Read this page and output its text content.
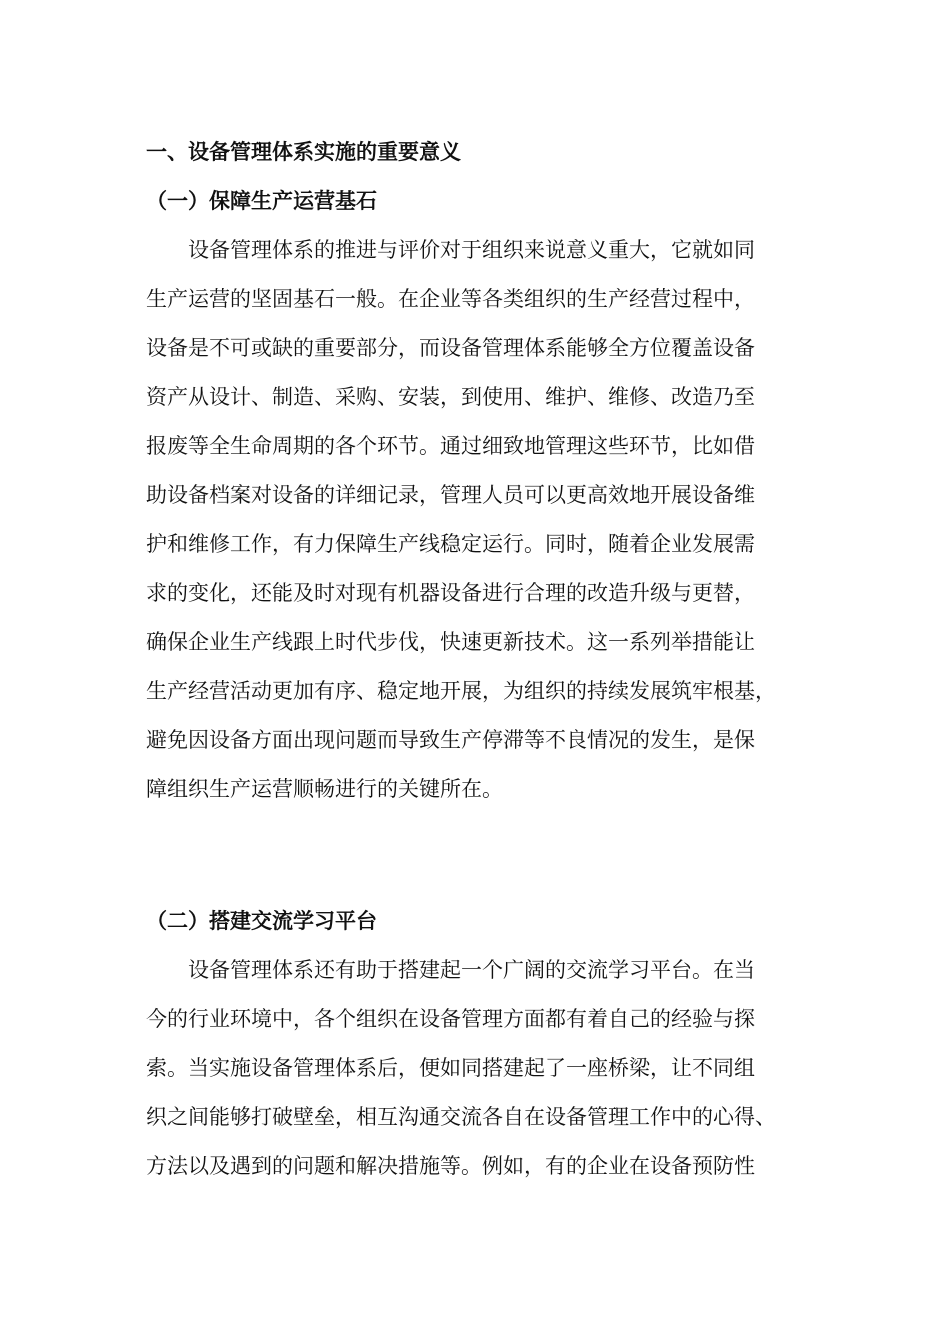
一、设备管理体系实施的重要意义
（一）保障生产运营基石
　　设备管理体系的推进与评价对于组织来说意义重大，它就如同
生产运营的坚固基石一般。在企业等各类组织的生产经营过程中，
设备是不可或缺的重要部分，而设备管理体系能够全方位覆盖设备
资产从设计、制造、采购、安装，到使用、维护、维修、改造乃至
报废等全生命周期的各个环节。通过细致地管理这些环节，比如借
助设备档案对设备的详细记录，管理人员可以更高效地开展设备维
护和维修工作，有力保障生产线稳定运行。同时，随着企业发展需
求的变化，还能及时对现有机器设备进行合理的改造升级与更替，
确保企业生产线跟上时代步伐，快速更新技术。这一系列举措能让
生产经营活动更加有序、稳定地开展，为组织的持续发展筑牢根基，
避免因设备方面出现问题而导致生产停滞等不良情况的发生，是保
障组织生产运营顺畅进行的关键所在。
（二）搭建交流学习平台
　　设备管理体系还有助于搭建起一个广阔的交流学习平台。在当
今的行业环境中，各个组织在设备管理方面都有着自己的经验与探
索。当实施设备管理体系后，便如同搭建起了一座桥梁，让不同组
织之间能够打破壁垒，相互沟通交流各自在设备管理工作中的心得、
方法以及遇到的问题和解决措施等。例如，有的企业在设备预防性
